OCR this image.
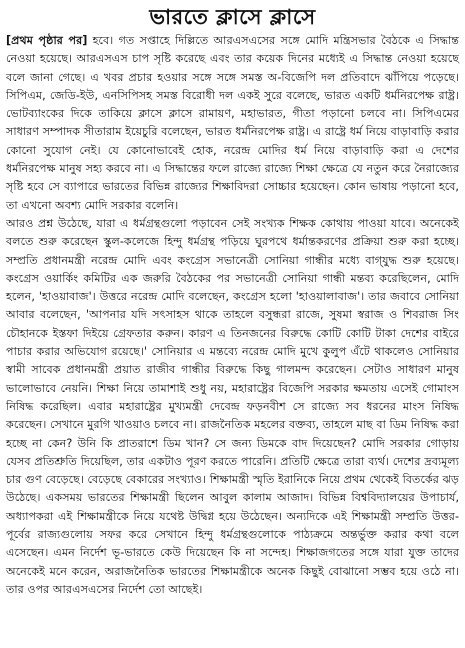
ভারতে ক্লাসে ক্লাসে

[প্রথম পৃষ্ঠার পর] হবে। গত সপ্তাহে দিল্লিতে আরএসএসের সঙ্গে মোদি মন্ত্রিসভার বৈঠকে এ সিদ্ধান্ত নেওয়া হয়েছে। আরএসএস চাপ সৃষ্টি করেছে এবং তার কয়েক দিনের মধ্যেই এ সিদ্ধান্ত নেওয়া হয়েছে বলে জানা গেছে। এ খবর প্রচার হওয়ার সঙ্গে সঙ্গে সমস্ত অ-বিজেপি দল প্রতিবাদে ঝাঁপিয়ে পড়েছে। সিপিএম, জেডি-ইউ, এনসিপিসহ সমস্ত বিরোধী দল একই সুরে বলেছে, ভারত একটি ধর্মনিরপেক্ষ রাষ্ট্র। ভোটব্যাংকের দিকে তাকিয়ে ক্লাসে ক্লাসে রামায়ণ, মহাভারত, গীতা পড়ানো চলবে না। সিপিএমের সাধারণ সম্পাদক সীতারাম ইয়েচুরি বলেছেন, ভারত ধর্মনিরপেক্ষ রাষ্ট্র। এ রাষ্ট্রে ধর্ম নিয়ে বাড়াবাড়ি করার কোনো সুযোগ নেই। যে কোনোভাবেই হোক, নরেন্দ্র মোদির ধর্ম নিয়ে বাড়াবাড়ি করা এ দেশের ধর্মনিরপেক্ষ মানুষ সহ্য করবে না। এ সিদ্ধান্তের ফলে রাজ্যে রাজ্যে শিক্ষা ক্ষেত্রে যে নতুন করে নৈরাজ্যের সৃষ্টি হবে সে ব্যাপারে ভারতের বিভিন্ন রাজ্যের শিক্ষাবিদরা সোচ্চার হয়েছেন। কোন ভাষায় পড়ানো হবে, তা এখনো অবশ্য মোদি সরকার বলেনি।

আরও প্রশ্ন উঠেছে, যারা এ ধর্মগ্রন্থগুলো পড়াবেন সেই সংখ্যক শিক্ষক কোথায় পাওয়া যাবে। অনেকেই বলতে শুরু করেছেন স্কুল-কলেজে হিন্দু ধর্মগ্রন্থ পড়িয়ে ঘুরপথে ধর্মান্তকরণের প্রক্রিয়া শুরু করা হচ্ছে। সম্প্রতি প্রধানমন্ত্রী নরেন্দ্র মোদি এবং কংগ্রেস সভানেত্রী সোনিয়া গান্ধীর মধ্যে বাগ্‌যুদ্ধ শুরু হয়েছে। কংগ্রেস ওয়ার্কিং কমিটির এক জরুরি বৈঠকের পর সভানেত্রী সোনিয়া গান্ধী মন্তব্য করেছিলেন, মোদি হলেন, 'হাওয়াবাজ'। উত্তরে নরেন্দ্র মোদি বলেছেন, কংগ্রেস হলো 'হাওয়ালাবাজ'। তার জবাবে সোনিয়া আবার বলেছেন, 'আপনার যদি সৎসাহস থাকে তাহলে বসুন্ধরা রাজে, সুষমা স্বরাজ ও শিবরাজ সিং চৌহানকে ইস্তফা দিইয়ে গ্রেফতার করুন। কারণ এ তিনজনের বিরুদ্ধে কোটি কোটি টাকা দেশের বাইরে পাচার করার অভিযোগ রয়েছে।' সোনিয়ার এ মন্তব্যে নরেন্দ্র মোদি মুখে কুলুপ এঁটে থাকলেও সোনিয়ার স্বামী সাবেক প্রধানমন্ত্রী প্রয়াত রাজীব গান্ধীর বিরুদ্ধে কিছু গালমন্দ করেছেন। সেটাও সাধারণ মানুষ ভালোভাবে নেয়নি। শিক্ষা নিয়ে তামাশাই শুধু নয়, মহারাষ্ট্রের বিজেপি সরকার ক্ষমতায় এসেই গোমাংস নিষিদ্ধ করেছিল। এবার মহারাষ্ট্রের মুখ্যমন্ত্রী দেবেন্দ্র ফড়নবীশ সে রাজ্যে সব ধরনের মাংস নিষিদ্ধ করেছেন। সেখানে মুরগি খাওয়াও চলবে না। রাজনৈতিক মহলের বক্তব্য, তাহলে মাছ বা ডিম নিষিদ্ধ করা হচ্ছে না কেন? উনি কি প্রাতরাশে ডিম খান? সে জন্য ডিমকে বাদ দিয়েছেন? মোদি সরকার গোড়ায় যেসব প্রতিশ্রুতি দিয়েছিল, তার একটাও পূরণ করতে পারেনি। প্রতিটি ক্ষেত্রে তারা ব্যর্থ। দেশের দ্রব্যমূল্য চার গুণ বেড়েছে। বেড়েছে বেকারের সংখ্যাও। শিক্ষামন্ত্রী স্মৃতি ইরানিকে নিয়ে প্রথম থেকেই বিতর্কের ঝড় উঠেছে। একসময় ভারতের শিক্ষামন্ত্রী ছিলেন আবুল কালাম আজাদ। বিভিন্ন বিশ্ববিদ্যালয়ের উপাচার্য, অধ্যাপকরা এই শিক্ষামন্ত্রীকে নিয়ে যথেষ্ট উদ্বিগ্ন হয়ে উঠেছেন। অন্যদিকে এই শিক্ষামন্ত্রী সম্প্রতি উত্তর-পূর্বের রাজ্যগুলোয় সফর করে সেখানে হিন্দু ধর্মগ্রন্থগুলোকে পাঠ্যক্রমে অন্তর্ভুক্ত করার কথা বলে এসেছেন। এমন নির্দেশ ভূ-ভারতে কেউ দিয়েছেন কি না সন্দেহ। শিক্ষাজগতের সঙ্গে যারা যুক্ত তাদের অনেকেই মনে করেন, অরাজনৈতিক ভারতের শিক্ষামন্ত্রীকে অনেক কিছুই বোঝানো সম্ভব হয়ে ওঠে না। তার ওপর আরএসএসের নির্দেশ তো আছেই।
